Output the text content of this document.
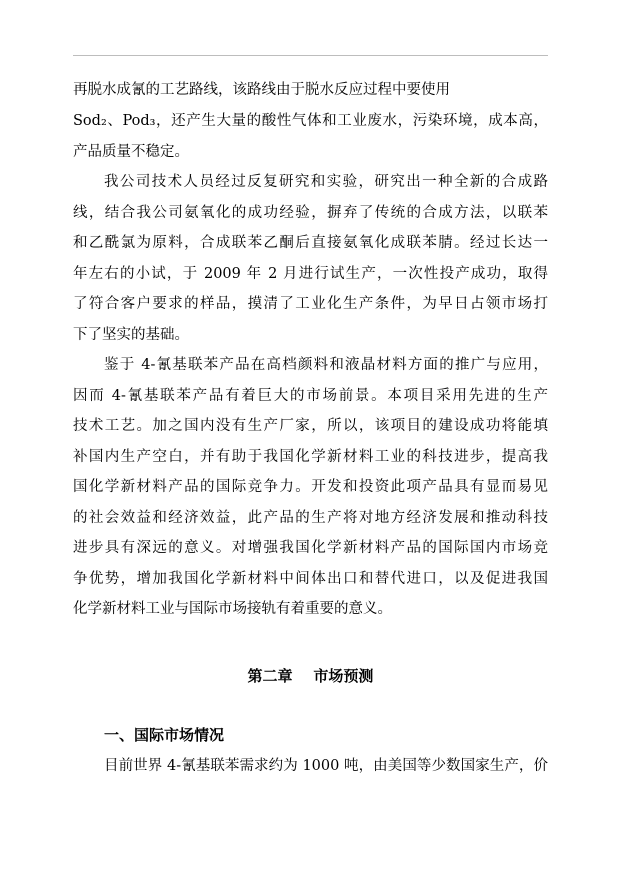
再脱水成氰的工艺路线，该路线由于脱水反应过程中要使用
Sod₂、Pod₃，还产生大量的酸性气体和工业废水，污染环境，成本高，
产品质量不稳定。
我公司技术人员经过反复研究和实验，研究出一种全新的合成路
线，结合我公司氨氧化的成功经验，摒弃了传统的合成方法，以联苯
和乙酰氯为原料，合成联苯乙酮后直接氨氧化成联苯腈。经过长达一
年左右的小试，于 2009 年 2 月进行试生产，一次性投产成功，取得
了符合客户要求的样品，摸清了工业化生产条件，为早日占领市场打
下了坚实的基础。
鉴于 4-氰基联苯产品在高档颜料和液晶材料方面的推广与应用，
因而 4-氰基联苯产品有着巨大的市场前景。本项目采用先进的生产
技术工艺。加之国内没有生产厂家，所以，该项目的建设成功将能填
补国内生产空白，并有助于我国化学新材料工业的科技进步，提高我
国化学新材料产品的国际竞争力。开发和投资此项产品具有显而易见
的社会效益和经济效益，此产品的生产将对地方经济发展和推动科技
进步具有深远的意义。对增强我国化学新材料产品的国际国内市场竞
争优势，增加我国化学新材料中间体出口和替代进口，以及促进我国
化学新材料工业与国际市场接轨有着重要的意义。
第二章    市场预测
一、国际市场情况
目前世界 4-氰基联苯需求约为 1000 吨，由美国等少数国家生产，价
